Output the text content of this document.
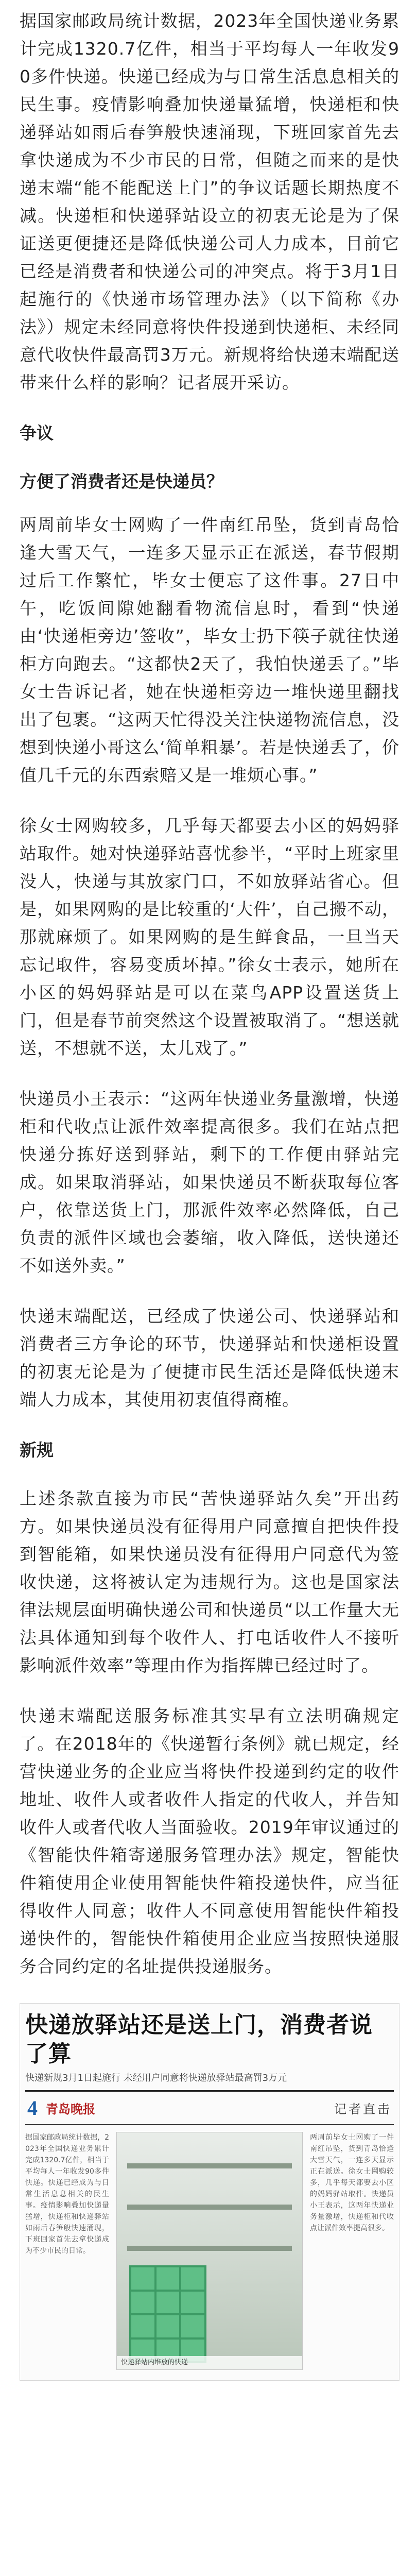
据国家邮政局统计数据，2023年全国快递业务累计完成1320.7亿件，相当于平均每人一年收发90多件快递。快递已经成为与日常生活息息相关的民生事。疫情影响叠加快递量猛增，快递柜和快递驿站如雨后春笋般快速涌现，下班回家首先去拿快递成为不少市民的日常，但随之而来的是快递末端“能不能配送上门”的争议话题长期热度不减。快递柜和快递驿站设立的初衷无论是为了保证送更便捷还是降低快递公司人力成本，目前它已经是消费者和快递公司的冲突点。将于3月1日起施行的《快递市场管理办法》（以下简称《办法》）规定未经同意将快件投递到快递柜、未经同意代收快件最高罚3万元。新规将给快递末端配送带来什么样的影响？记者展开采访。

争议
方便了消费者还是快递员？

两周前毕女士网购了一件南红吊坠，货到青岛恰逢大雪天气，一连多天显示正在派送，春节假期过后工作繁忙，毕女士便忘了这件事。27日中午，吃饭间隙她翻看物流信息时，看到“快递由‘快递柜旁边’签收”，毕女士扔下筷子就往快递柜方向跑去。“这都快2天了，我怕快递丢了。”毕女士告诉记者，她在快递柜旁边一堆快递里翻找出了包裹。“这两天忙得没关注快递物流信息，没想到快递小哥这么‘简单粗暴’。若是快递丢了，价值几千元的东西索赔又是一堆烦心事。”

徐女士网购较多，几乎每天都要去小区的妈妈驿站取件。她对快递驿站喜忧参半，“平时上班家里没人，快递与其放家门口，不如放驿站省心。但是，如果网购的是比较重的‘大件’，自己搬不动，那就麻烦了。如果网购的是生鲜食品，一旦当天忘记取件，容易变质坏掉。”徐女士表示，她所在小区的妈妈驿站是可以在菜鸟APP设置送货上门，但是春节前突然这个设置被取消了。“想送就送，不想就不送，太儿戏了。”

快递员小王表示：“这两年快递业务量激增，快递柜和代收点让派件效率提高很多。我们在站点把快递分拣好送到驿站，剩下的工作便由驿站完成。如果取消驿站，如果快递员不断获取每位客户，依靠送货上门，那派件效率必然降低，自己负责的派件区域也会萎缩，收入降低，送快递还不如送外卖。”

快递末端配送，已经成了快递公司、快递驿站和消费者三方争论的环节，快递驿站和快递柜设置的初衷无论是为了便捷市民生活还是降低快递末端人力成本，其使用初衷值得商榷。

新规

上述条款直接为市民“苦快递驿站久矣”开出药方。如果快递员没有征得用户同意擅自把快件投到智能箱，如果快递员没有征得用户同意代为签收快递，这将被认定为违规行为。这也是国家法律法规层面明确快递公司和快递员“以工作量大无法具体通知到每个收件人、打电话收件人不接听影响派件效率”等理由作为指挥牌已经过时了。

快递末端配送服务标准其实早有立法明确规定了。在2018年的《快递暂行条例》就已规定，经营快递业务的企业应当将快件投递到约定的收件地址、收件人或者收件人指定的代收人，并告知收件人或者代收人当面验收。2019年审议通过的《智能快件箱寄递服务管理办法》规定，智能快件箱使用企业使用智能快件箱投递快件，应当征得收件人同意；收件人不同意使用智能快件箱投递快件的，智能快件箱使用企业应当按照快递服务合同约定的名址提供投递服务。

快递放驿站还是送上门，消费者说了算
快递新规3月1日起施行 未经用户同意将快递放驿站最高罚3万元
4 青岛晚报	记者直击
据国家邮政局统计数据，2023年全国快递业务累计完成1320.7亿件，相当于平均每人一年收发90多件快递。快递已经成为与日常生活息息相关的民生事。疫情影响叠加快递量猛增，快递柜和快递驿站如雨后春笋般快速涌现，下班回家首先去拿快递成为不少市民的日常。
快递驿站内堆放的快递
两周前毕女士网购了一件南红吊坠，货到青岛恰逢大雪天气，一连多天显示正在派送。徐女士网购较多，几乎每天都要去小区的妈妈驿站取件。快递员小王表示，这两年快递业务量激增，快递柜和代收点让派件效率提高很多。
